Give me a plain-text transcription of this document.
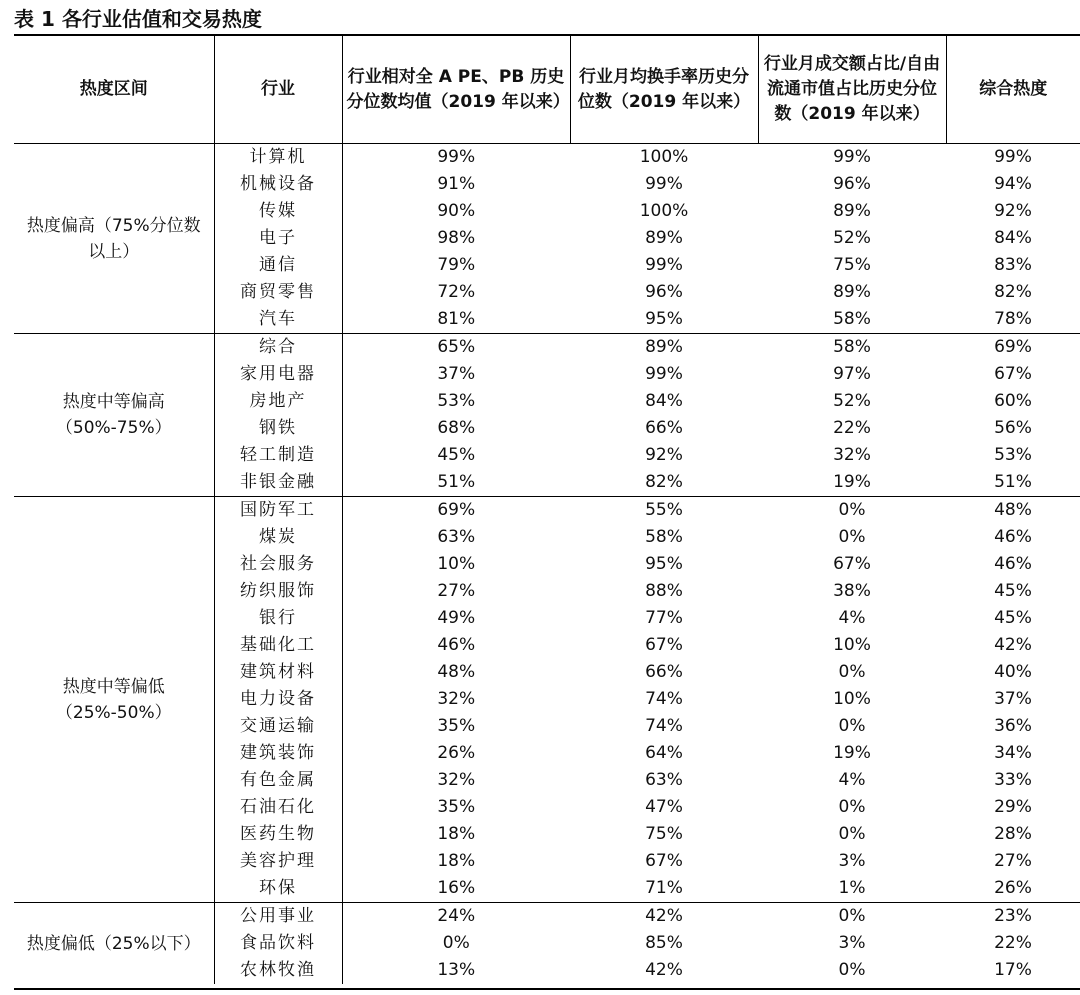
表 1 各行业估值和交易热度
热度区间	行业	行业相对全 A PE、PB 历史分位数均值（2019 年以来）	行业月均换手率历史分位数（2019 年以来）	行业月成交额占比/自由流通市值占比历史分位数（2019 年以来）	综合热度
热度偏高（75%分位数以上）	计算机	99%	100%	99%	99%
	机械设备	91%	99%	96%	94%
	传媒	90%	100%	89%	92%
	电子	98%	89%	52%	84%
	通信	79%	99%	75%	83%
	商贸零售	72%	96%	89%	82%
	汽车	81%	95%	58%	78%
热度中等偏高（50%-75%）	综合	65%	89%	58%	69%
	家用电器	37%	99%	97%	67%
	房地产	53%	84%	52%	60%
	钢铁	68%	66%	22%	56%
	轻工制造	45%	92%	32%	53%
	非银金融	51%	82%	19%	51%
热度中等偏低（25%-50%）	国防军工	69%	55%	0%	48%
	煤炭	63%	58%	0%	46%
	社会服务	10%	95%	67%	46%
	纺织服饰	27%	88%	38%	45%
	银行	49%	77%	4%	45%
	基础化工	46%	67%	10%	42%
	建筑材料	48%	66%	0%	40%
	电力设备	32%	74%	10%	37%
	交通运输	35%	74%	0%	36%
	建筑装饰	26%	64%	19%	34%
	有色金属	32%	63%	4%	33%
	石油石化	35%	47%	0%	29%
	医药生物	18%	75%	0%	28%
	美容护理	18%	67%	3%	27%
	环保	16%	71%	1%	26%
热度偏低（25%以下）	公用事业	24%	42%	0%	23%
	食品饮料	0%	85%	3%	22%
	农林牧渔	13%	42%	0%	17%
